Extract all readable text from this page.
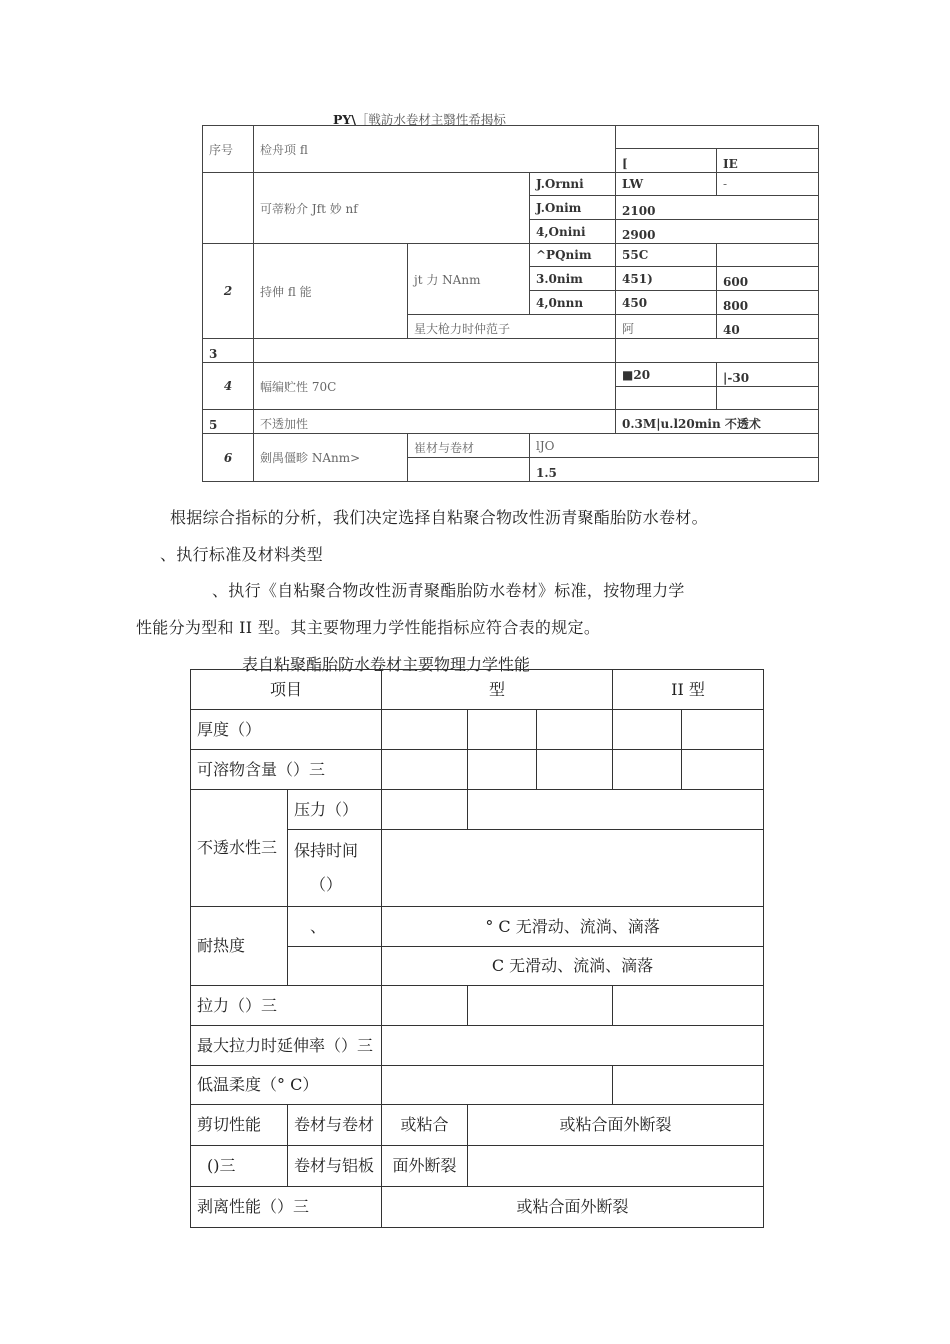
PY\［戦訪水卷材主翳性希揭标
序号	检舟项 fl				
				[	IE
	可蒂粉介 Jft 妙 nf		J.Ornni	LW	-
			J.Onim	2100	
			4,Onini	2900	
2	持伸 fl 能	jt 力 NAnm	^PQnim	55C	
			3.0nim	451)	600
			4,0nnn	450	800
		星大枪力时仲范子		阿	40
3					
4	幅编贮性 70C			■20	|-30

5	不透加性			0.3M|u.l20min 不透术	
6	劍禺僵畛 NAnm>	崔材与卷材	lJO		
			1.5		
根据综合指标的分析，我们决定选择自粘聚合物改性沥青聚酯胎防水卷材。
、执行标准及材料类型
、执行《自粘聚合物改性沥青聚酯胎防水卷材》标准，按物理力学
性能分为型和 II 型。其主要物理力学性能指标应符合表的规定。
表自粘聚酯胎防水卷材主要物理力学性能
项目		型			II 型	
厚度（）						
可溶物含量（）三						
不透水性三	压力（）					

	保持时间
（）					

耐热度	、	° C 无滑动、流淌、滴落				
		C 无滑动、流淌、滴落				
拉力（）三						
最大拉力时延伸率（）三						
低温柔度（° C）						
剪切性能	卷材与卷材	或粘合	或粘合面外断裂			
()三	卷材与铝板	面外断裂				
剥离性能（）三		或粘合面外断裂				
